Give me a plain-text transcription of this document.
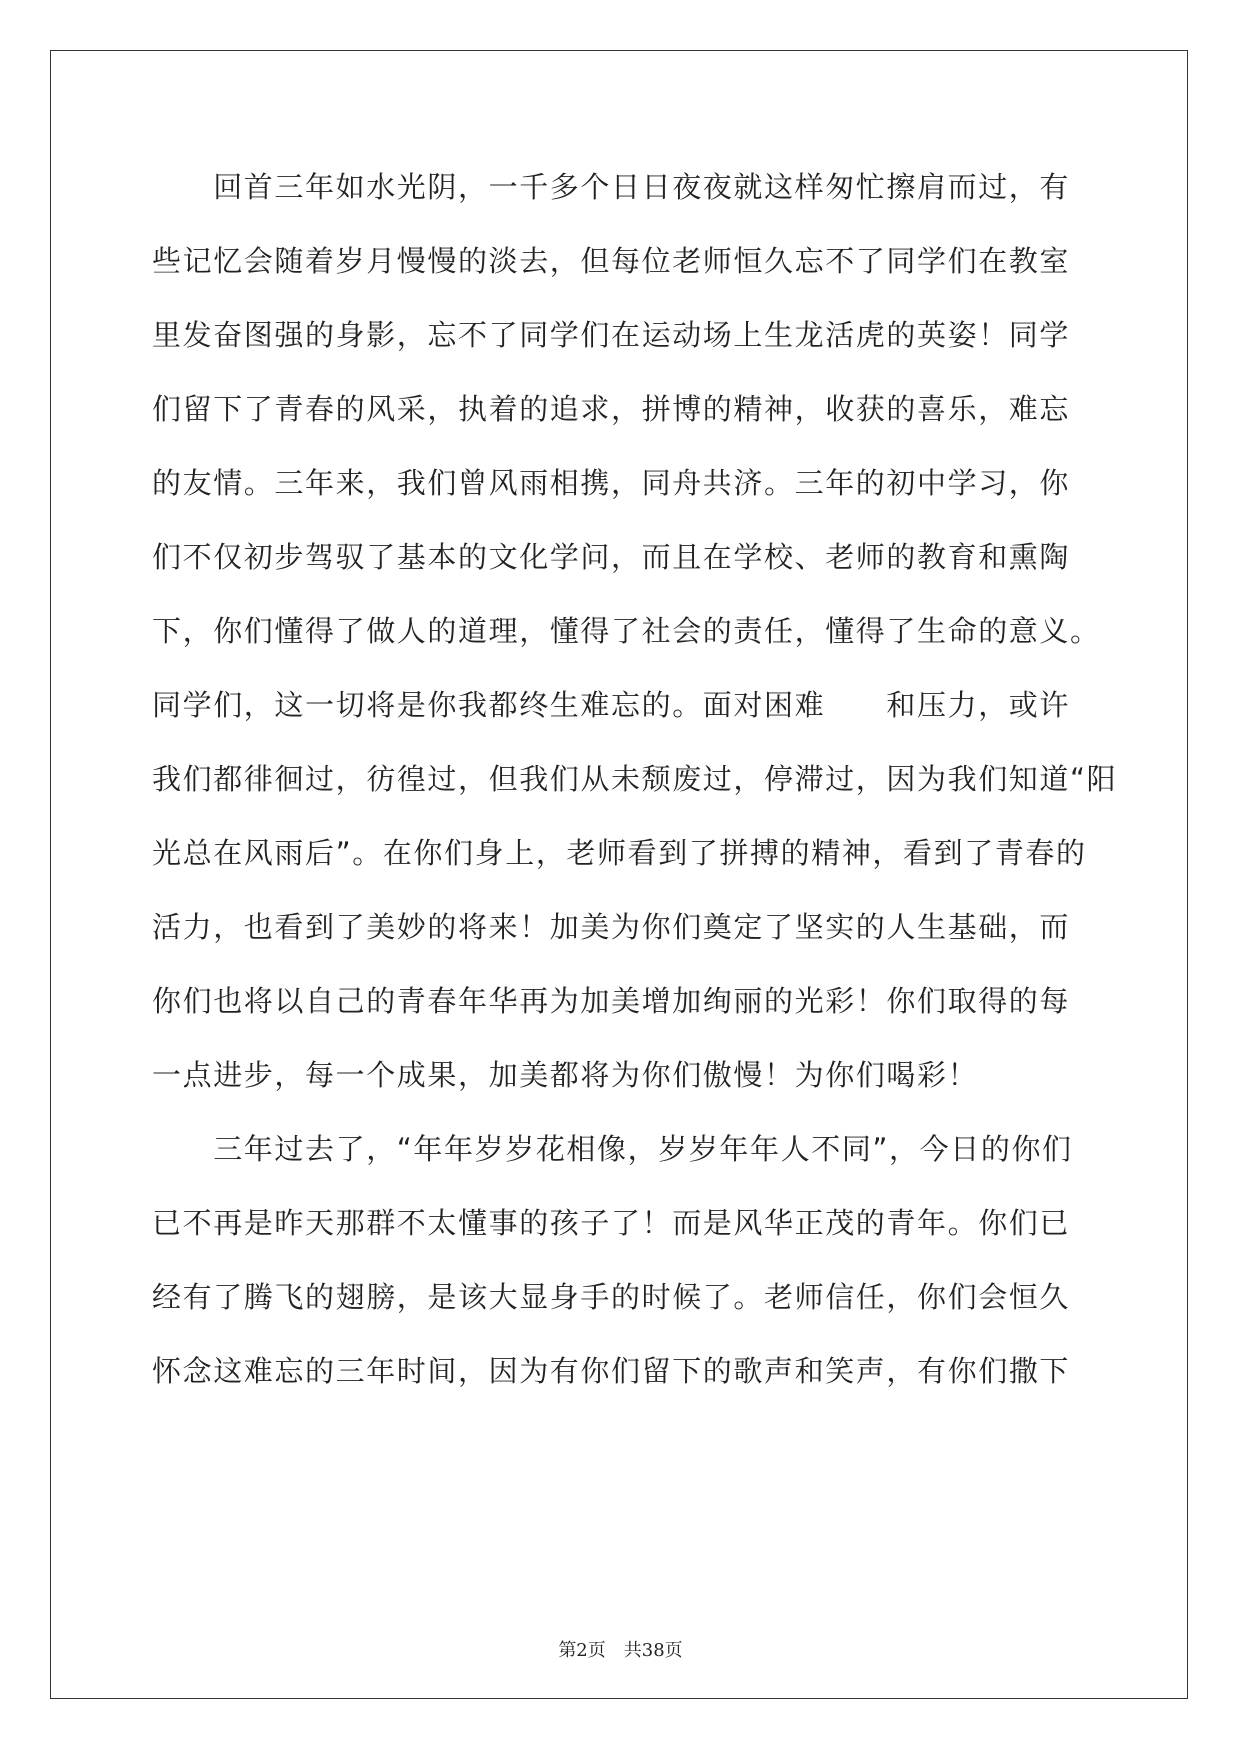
　　回首三年如水光阴，一千多个日日夜夜就这样匆忙擦肩而过，有
些记忆会随着岁月慢慢的淡去，但每位老师恒久忘不了同学们在教室
里发奋图强的身影，忘不了同学们在运动场上生龙活虎的英姿！同学
们留下了青春的风采，执着的追求，拼博的精神，收获的喜乐，难忘
的友情。三年来，我们曾风雨相携，同舟共济。三年的初中学习，你
们不仅初步驾驭了基本的文化学问，而且在学校、老师的教育和熏陶
下，你们懂得了做人的道理，懂得了社会的责任，懂得了生命的意义。
同学们，这一切将是你我都终生难忘的。面对困难　　和压力，或许
我们都徘徊过，彷徨过，但我们从未颓废过，停滞过，因为我们知道“阳
光总在风雨后”。在你们身上，老师看到了拼搏的精神，看到了青春的
活力，也看到了美妙的将来！加美为你们奠定了坚实的人生基础，而
你们也将以自己的青春年华再为加美增加绚丽的光彩！你们取得的每
一点进步，每一个成果，加美都将为你们傲慢！为你们喝彩！
　　三年过去了，“年年岁岁花相像，岁岁年年人不同”，今日的你们
已不再是昨天那群不太懂事的孩子了！而是风华正茂的青年。你们已
经有了腾飞的翅膀，是该大显身手的时候了。老师信任，你们会恒久
怀念这难忘的三年时间，因为有你们留下的歌声和笑声，有你们撒下
第2页　共38页
